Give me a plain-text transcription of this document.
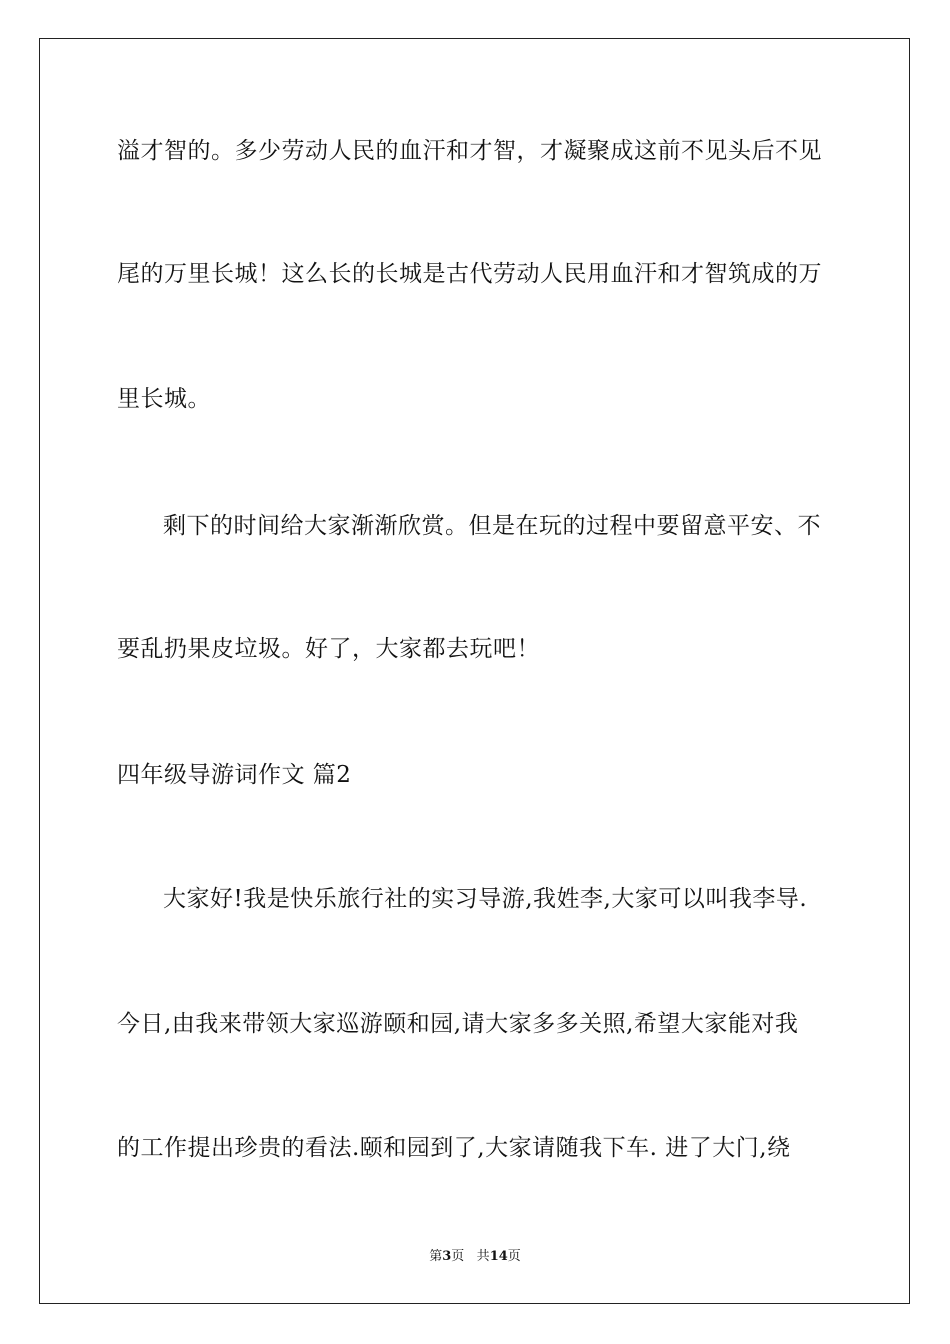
溢才智的。多少劳动人民的血汗和才智，才凝聚成这前不见头后不见
尾的万里长城！这么长的长城是古代劳动人民用血汗和才智筑成的万
里长城。
剩下的时间给大家渐渐欣赏。但是在玩的过程中要留意平安、不
要乱扔果皮垃圾。好了，大家都去玩吧！
四年级导游词作文 篇2
大家好!我是快乐旅行社的实习导游,我姓李,大家可以叫我李导.
今日,由我来带领大家巡游颐和园,请大家多多关照,希望大家能对我
的工作提出珍贵的看法.颐和园到了,大家请随我下车. 进了大门,绕
第3页 共14页
